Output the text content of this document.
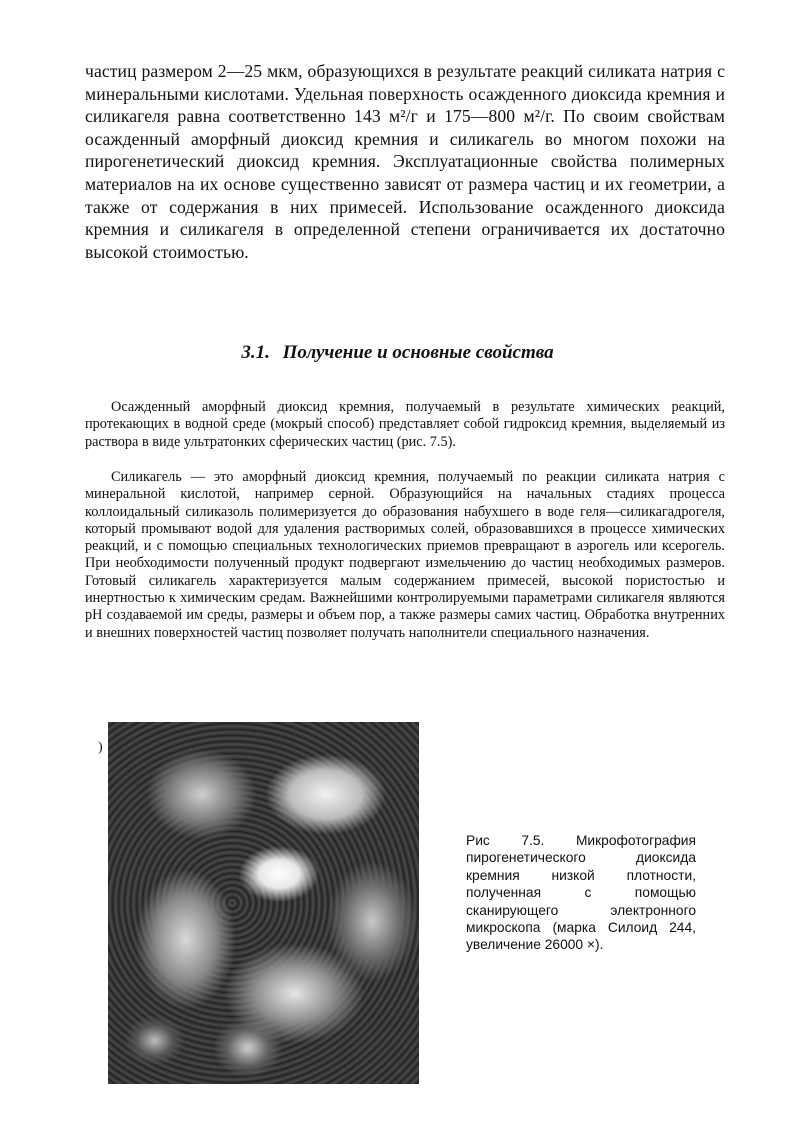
частиц размером 2—25 мкм, образующихся в результате реакций силиката натрия с минеральными кислотами. Удельная поверхность осажденного диоксида кремния и силикагеля равна соответственно 143 м²/г и 175—800 м²/г. По своим свойствам осажденный аморфный диоксид кремния и силикагель во многом похожи на пирогенетический диоксид кремния. Эксплуатационные свойства полимерных материалов на их основе существенно зависят от размера частиц и их геометрии, а также от содержания в них примесей. Использование осажденного диоксида кремния и силикагеля в определенной степени ограничивается их достаточно высокой стоимостью.
3.1. Получение и основные свойства
Осажденный аморфный диоксид кремния, получаемый в результате химических реакций, протекающих в водной среде (мокрый способ) представляет собой гидроксид кремния, выделяемый из раствора в виде ультратонких сферических частиц (рис. 7.5).
Силикагель — это аморфный диоксид кремния, получаемый по реакции силиката натрия с минеральной кислотой, например серной. Образующийся на начальных стадиях процесса коллоидальный силиказоль полимеризуется до образования набухшего в воде геля—силикагадрогеля, который промывают водой для удаления растворимых солей, образовавшихся в процессе химических реакций, и с помощью специальных технологических приемов превращают в аэрогель или ксерогель. При необходимости полученный продукт подвергают измельчению до частиц необходимых размеров. Готовый силикагель характеризуется малым содержанием примесей, высокой пористостью и инертностью к химическим средам. Важнейшими контролируемыми параметрами силикагеля являются pH создаваемой им среды, размеры и объем пор, а также размеры самих частиц. Обработка внутренних и внешних поверхностей частиц позволяет получать наполнители специального назначения.
)
Рис 7.5. Микрофотография пирогенетического диоксида кремния низкой плотности, полученная с помощью сканирующего электронного микроскопа (марка Силоид 244, увеличение 26000 ×).
